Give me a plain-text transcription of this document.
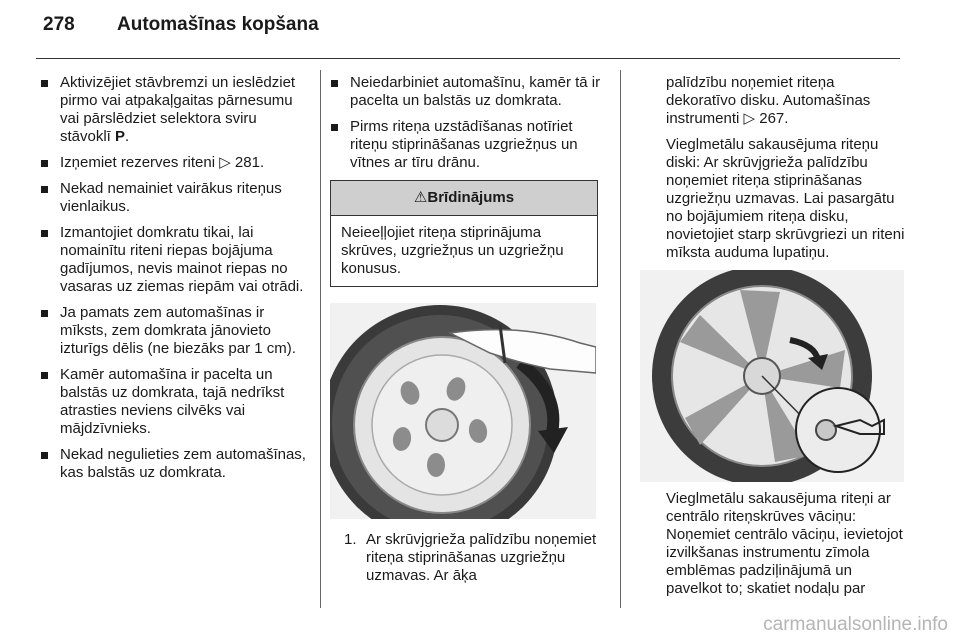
278	Automašīnas kopšana
Aktivizējiet stāvbremzi un ieslēdziet pirmo vai atpakaļgaitas pārnesumu vai pārslēdziet selektora sviru stāvoklī P.
Izņemiet rezerves riteni ▷ 281.
Nekad nemainiet vairākus riteņus vienlaikus.
Izmantojiet domkratu tikai, lai nomainītu riteni riepas bojājuma gadījumos, nevis mainot riepas no vasaras uz ziemas riepām vai otrādi.
Ja pamats zem automašīnas ir mīksts, zem domkrata jānovieto izturīgs dēlis (ne biezāks par 1 cm).
Kamēr automašīna ir pacelta un balstās uz domkrata, tajā nedrīkst atrasties neviens cilvēks vai mājdzīvnieks.
Nekad negulieties zem automašīnas, kas balstās uz domkrata.
Neiedarbiniet automašīnu, kamēr tā ir pacelta un balstās uz domkrata.
Pirms riteņa uzstādīšanas notīriet riteņu stiprināšanas uzgriežņus un vītnes ar tīru drānu.
⚠Brīdinājums
Neieeļļojiet riteņa stiprinājuma skrūves, uzgriežņus un uzgriežņu konusus.
1. Ar skrūvjgrieža palīdzību noņemiet riteņa stiprināšanas uzgriežņu uzmavas. Ar āķa

palīdzību noņemiet riteņa dekoratīvo disku. Automašīnas instrumenti ▷ 267.

Vieglmetālu sakausējuma riteņu diski: Ar skrūvjgrieža palīdzību noņemiet riteņa stiprināšanas uzgriežņu uzmavas. Lai pasargātu no bojājumiem riteņa disku, novietojiet starp skrūvgriezi un riteni mīksta auduma lupatiņu.

Vieglmetālu sakausējuma riteņi ar centrālo riteņskrūves vāciņu: Noņemiet centrālo vāciņu, ievietojot izvilkšanas instrumentu zīmola emblēmas padziļinājumā un pavelkot to; skatiet nodaļu par

carmanualsonline.info
